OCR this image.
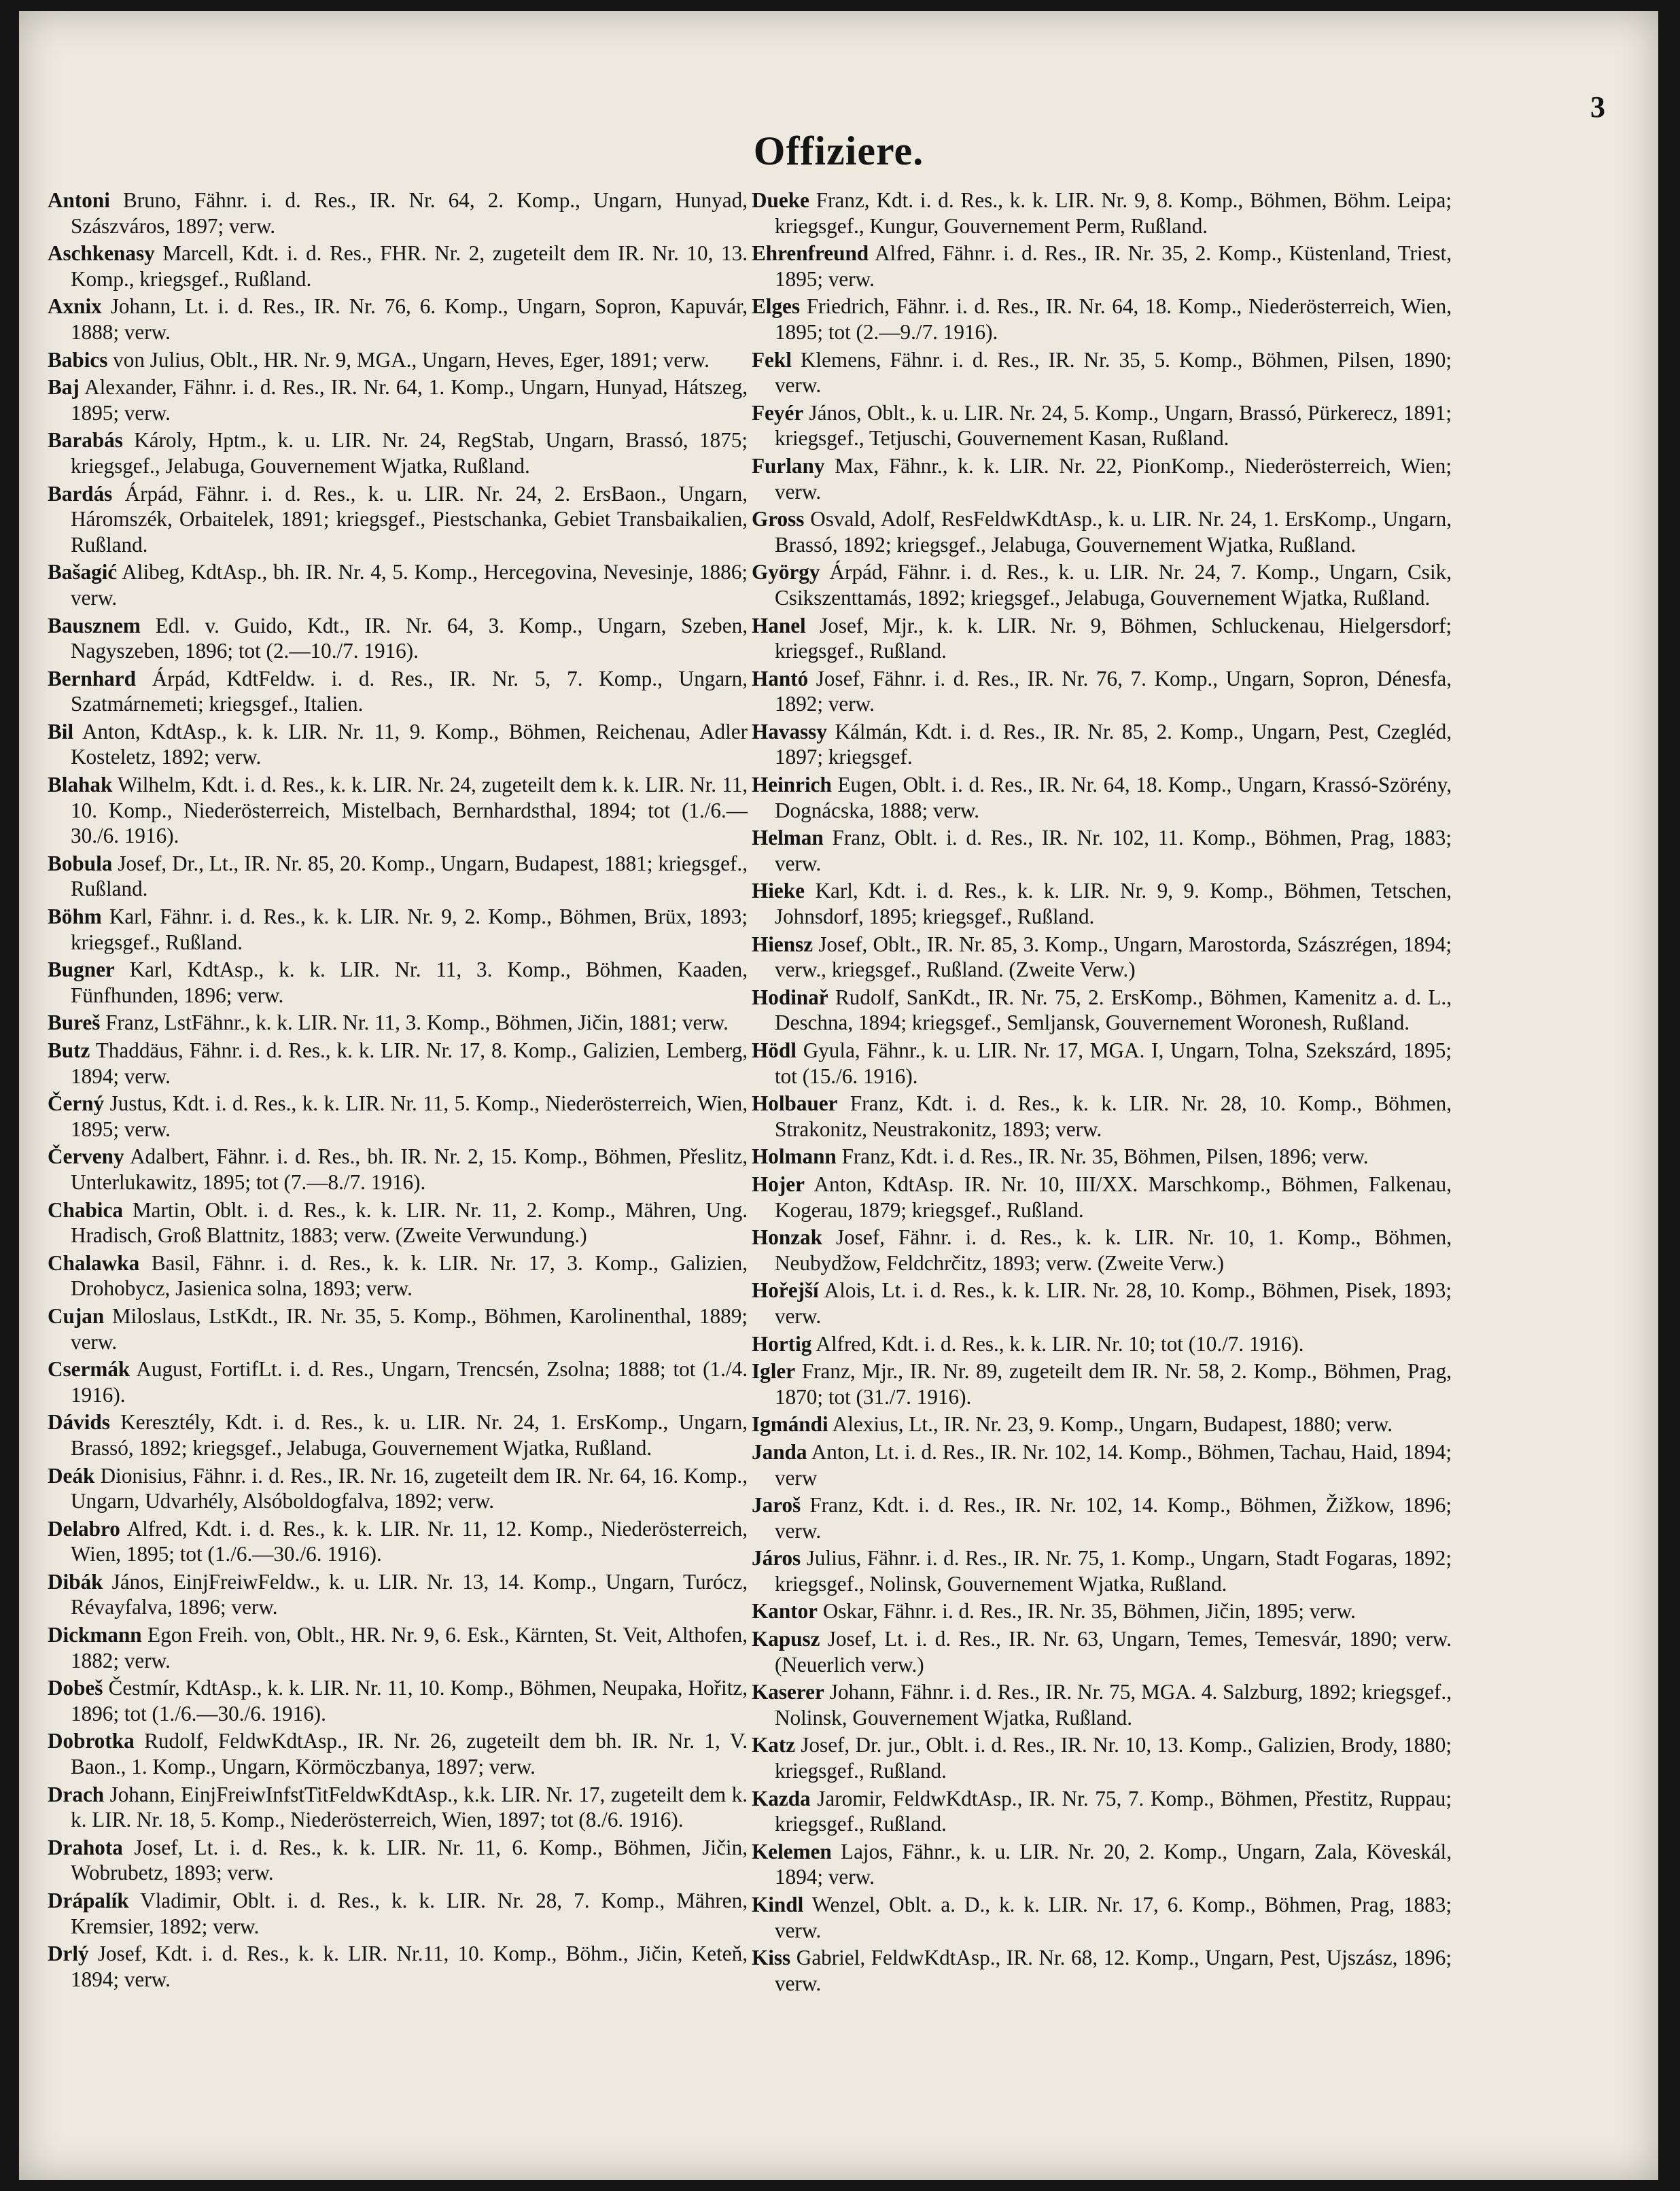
3
Offiziere.

Antoni Bruno, Fähnr. i. d. Res., IR. Nr. 64, 2. Komp., Ungarn, Hunyad, Szászváros, 1897; verw.

Aschkenasy Marcell, Kdt. i. d. Res., FHR. Nr. 2, zugeteilt dem IR. Nr. 10, 13. Komp., kriegsgef., Rußland.

Axnix Johann, Lt. i. d. Res., IR. Nr. 76, 6. Komp., Ungarn, Sopron, Kapuvár, 1888; verw.

Babics von Julius, Oblt., HR. Nr. 9, MGA., Ungarn, Heves, Eger, 1891; verw.

Baj Alexander, Fähnr. i. d. Res., IR. Nr. 64, 1. Komp., Ungarn, Hunyad, Hátszeg, 1895; verw.

Barabás Károly, Hptm., k. u. LIR. Nr. 24, RegStab, Ungarn, Brassó, 1875; kriegsgef., Jelabuga, Gouvernement Wjatka, Rußland.

Bardás Árpád, Fähnr. i. d. Res., k. u. LIR. Nr. 24, 2. ErsBaon., Ungarn, Háromszék, Orbaitelek, 1891; kriegsgef., Piestschanka, Gebiet Transbaikalien, Rußland.

Bašagić Alibeg, KdtAsp., bh. IR. Nr. 4, 5. Komp., Hercegovina, Nevesinje, 1886; verw.

Bausznem Edl. v. Guido, Kdt., IR. Nr. 64, 3. Komp., Ungarn, Szeben, Nagyszeben, 1896; tot (2.—10./7. 1916).

Bernhard Árpád, KdtFeldw. i. d. Res., IR. Nr. 5, 7. Komp., Ungarn, Szatmárnemeti; kriegsgef., Italien.

Bil Anton, KdtAsp., k. k. LIR. Nr. 11, 9. Komp., Böhmen, Reichenau, Adler Kosteletz, 1892; verw.

Blahak Wilhelm, Kdt. i. d. Res., k. k. LIR. Nr. 24, zugeteilt dem k. k. LIR. Nr. 11, 10. Komp., Niederösterreich, Mistelbach, Bernhardsthal, 1894; tot (1./6.—30./6. 1916).

Bobula Josef, Dr., Lt., IR. Nr. 85, 20. Komp., Ungarn, Budapest, 1881; kriegsgef., Rußland.

Böhm Karl, Fähnr. i. d. Res., k. k. LIR. Nr. 9, 2. Komp., Böhmen, Brüx, 1893; kriegsgef., Rußland.

Bugner Karl, KdtAsp., k. k. LIR. Nr. 11, 3. Komp., Böhmen, Kaaden, Fünfhunden, 1896; verw.

Bureš Franz, LstFähnr., k. k. LIR. Nr. 11, 3. Komp., Böhmen, Jičin, 1881; verw.

Butz Thaddäus, Fähnr. i. d. Res., k. k. LIR. Nr. 17, 8. Komp., Galizien, Lemberg, 1894; verw.

Černý Justus, Kdt. i. d. Res., k. k. LIR. Nr. 11, 5. Komp., Niederösterreich, Wien, 1895; verw.

Červeny Adalbert, Fähnr. i. d. Res., bh. IR. Nr. 2, 15. Komp., Böhmen, Přeslitz, Unterlukawitz, 1895; tot (7.—8./7. 1916).

Chabica Martin, Oblt. i. d. Res., k. k. LIR. Nr. 11, 2. Komp., Mähren, Ung. Hradisch, Groß Blattnitz, 1883; verw. (Zweite Verwundung.)

Chalawka Basil, Fähnr. i. d. Res., k. k. LIR. Nr. 17, 3. Komp., Galizien, Drohobycz, Jasienica solna, 1893; verw.

Cujan Miloslaus, LstKdt., IR. Nr. 35, 5. Komp., Böhmen, Karolinenthal, 1889; verw.

Csermák August, FortifLt. i. d. Res., Ungarn, Trencsén, Zsolna; 1888; tot (1./4. 1916).

Dávids Keresztély, Kdt. i. d. Res., k. u. LIR. Nr. 24, 1. ErsKomp., Ungarn, Brassó, 1892; kriegsgef., Jelabuga, Gouvernement Wjatka, Rußland.

Deák Dionisius, Fähnr. i. d. Res., IR. Nr. 16, zugeteilt dem IR. Nr. 64, 16. Komp., Ungarn, Udvarhély, Alsóboldogfalva, 1892; verw.

Delabro Alfred, Kdt. i. d. Res., k. k. LIR. Nr. 11, 12. Komp., Niederösterreich, Wien, 1895; tot (1./6.—30./6. 1916).

Dibák János, EinjFreiwFeldw., k. u. LIR. Nr. 13, 14. Komp., Ungarn, Turócz, Révayfalva, 1896; verw.

Dickmann Egon Freih. von, Oblt., HR. Nr. 9, 6. Esk., Kärnten, St. Veit, Althofen, 1882; verw.

Dobeš Čestmír, KdtAsp., k. k. LIR. Nr. 11, 10. Komp., Böhmen, Neupaka, Hořitz, 1896; tot (1./6.—30./6. 1916).

Dobrotka Rudolf, FeldwKdtAsp., IR. Nr. 26, zugeteilt dem bh. IR. Nr. 1, V. Baon., 1. Komp., Ungarn, Körmöczbanya, 1897; verw.

Drach Johann, EinjFreiwInfstTitFeldwKdtAsp., k.k. LIR. Nr. 17, zugeteilt dem k. k. LIR. Nr. 18, 5. Komp., Niederösterreich, Wien, 1897; tot (8./6. 1916).

Drahota Josef, Lt. i. d. Res., k. k. LIR. Nr. 11, 6. Komp., Böhmen, Jičin, Wobrubetz, 1893; verw.

Drápalík Vladimir, Oblt. i. d. Res., k. k. LIR. Nr. 28, 7. Komp., Mähren, Kremsier, 1892; verw.

Drlý Josef, Kdt. i. d. Res., k. k. LIR. Nr.11, 10. Komp., Böhm., Jičin, Keteň, 1894; verw.

Dueke Franz, Kdt. i. d. Res., k. k. LIR. Nr. 9, 8. Komp., Böhmen, Böhm. Leipa; kriegsgef., Kungur, Gouvernement Perm, Rußland.

Ehrenfreund Alfred, Fähnr. i. d. Res., IR. Nr. 35, 2. Komp., Küstenland, Triest, 1895; verw.

Elges Friedrich, Fähnr. i. d. Res., IR. Nr. 64, 18. Komp., Niederösterreich, Wien, 1895; tot (2.—9./7. 1916).

Fekl Klemens, Fähnr. i. d. Res., IR. Nr. 35, 5. Komp., Böhmen, Pilsen, 1890; verw.

Feyér János, Oblt., k. u. LIR. Nr. 24, 5. Komp., Ungarn, Brassó, Pürkerecz, 1891; kriegsgef., Tetjuschi, Gouvernement Kasan, Rußland.

Furlany Max, Fähnr., k. k. LIR. Nr. 22, PionKomp., Niederösterreich, Wien; verw.

Gross Osvald, Adolf, ResFeldwKdtAsp., k. u. LIR. Nr. 24, 1. ErsKomp., Ungarn, Brassó, 1892; kriegsgef., Jelabuga, Gouvernement Wjatka, Rußland.

György Árpád, Fähnr. i. d. Res., k. u. LIR. Nr. 24, 7. Komp., Ungarn, Csik, Csikszenttamás, 1892; kriegsgef., Jelabuga, Gouvernement Wjatka, Rußland.

Hanel Josef, Mjr., k. k. LIR. Nr. 9, Böhmen, Schluckenau, Hielgersdorf; kriegsgef., Rußland.

Hantó Josef, Fähnr. i. d. Res., IR. Nr. 76, 7. Komp., Ungarn, Sopron, Dénesfa, 1892; verw.

Havassy Kálmán, Kdt. i. d. Res., IR. Nr. 85, 2. Komp., Ungarn, Pest, Czegléd, 1897; kriegsgef.

Heinrich Eugen, Oblt. i. d. Res., IR. Nr. 64, 18. Komp., Ungarn, Krassó-Szörény, Dognácska, 1888; verw.

Helman Franz, Oblt. i. d. Res., IR. Nr. 102, 11. Komp., Böhmen, Prag, 1883; verw.

Hieke Karl, Kdt. i. d. Res., k. k. LIR. Nr. 9, 9. Komp., Böhmen, Tetschen, Johnsdorf, 1895; kriegsgef., Rußland.

Hiensz Josef, Oblt., IR. Nr. 85, 3. Komp., Ungarn, Marostorda, Szászrégen, 1894; verw., kriegsgef., Rußland. (Zweite Verw.)

Hodinař Rudolf, SanKdt., IR. Nr. 75, 2. ErsKomp., Böhmen, Kamenitz a. d. L., Deschna, 1894; kriegsgef., Semljansk, Gouvernement Woronesh, Rußland.

Hödl Gyula, Fähnr., k. u. LIR. Nr. 17, MGA. I, Ungarn, Tolna, Szekszárd, 1895; tot (15./6. 1916).

Holbauer Franz, Kdt. i. d. Res., k. k. LIR. Nr. 28, 10. Komp., Böhmen, Strakonitz, Neustrakonitz, 1893; verw.

Holmann Franz, Kdt. i. d. Res., IR. Nr. 35, Böhmen, Pilsen, 1896; verw.

Hojer Anton, KdtAsp. IR. Nr. 10, III/XX. Marschkomp., Böhmen, Falkenau, Kogerau, 1879; kriegsgef., Rußland.

Honzak Josef, Fähnr. i. d. Res., k. k. LIR. Nr. 10, 1. Komp., Böhmen, Neubydžow, Feldchrčitz, 1893; verw. (Zweite Verw.)

Hořejší Alois, Lt. i. d. Res., k. k. LIR. Nr. 28, 10. Komp., Böhmen, Pisek, 1893; verw.

Hortig Alfred, Kdt. i. d. Res., k. k. LIR. Nr. 10; tot (10./7. 1916).

Igler Franz, Mjr., IR. Nr. 89, zugeteilt dem IR. Nr. 58, 2. Komp., Böhmen, Prag, 1870; tot (31./7. 1916).

Igmándi Alexius, Lt., IR. Nr. 23, 9. Komp., Ungarn, Budapest, 1880; verw.

Janda Anton, Lt. i. d. Res., IR. Nr. 102, 14. Komp., Böhmen, Tachau, Haid, 1894; verw

Jaroš Franz, Kdt. i. d. Res., IR. Nr. 102, 14. Komp., Böhmen, Žižkow, 1896; verw.

Járos Julius, Fähnr. i. d. Res., IR. Nr. 75, 1. Komp., Ungarn, Stadt Fogaras, 1892; kriegsgef., Nolinsk, Gouvernement Wjatka, Rußland.

Kantor Oskar, Fähnr. i. d. Res., IR. Nr. 35, Böhmen, Jičin, 1895; verw.

Kapusz Josef, Lt. i. d. Res., IR. Nr. 63, Ungarn, Temes, Temesvár, 1890; verw. (Neuerlich verw.)

Kaserer Johann, Fähnr. i. d. Res., IR. Nr. 75, MGA. 4. Salzburg, 1892; kriegsgef., Nolinsk, Gouvernement Wjatka, Rußland.

Katz Josef, Dr. jur., Oblt. i. d. Res., IR. Nr. 10, 13. Komp., Galizien, Brody, 1880; kriegsgef., Rußland.

Kazda Jaromir, FeldwKdtAsp., IR. Nr. 75, 7. Komp., Böhmen, Přestitz, Ruppau; kriegsgef., Rußland.

Kelemen Lajos, Fähnr., k. u. LIR. Nr. 20, 2. Komp., Ungarn, Zala, Köveskál, 1894; verw.

Kindl Wenzel, Oblt. a. D., k. k. LIR. Nr. 17, 6. Komp., Böhmen, Prag, 1883; verw.

Kiss Gabriel, FeldwKdtAsp., IR. Nr. 68, 12. Komp., Ungarn, Pest, Ujszász, 1896; verw.
